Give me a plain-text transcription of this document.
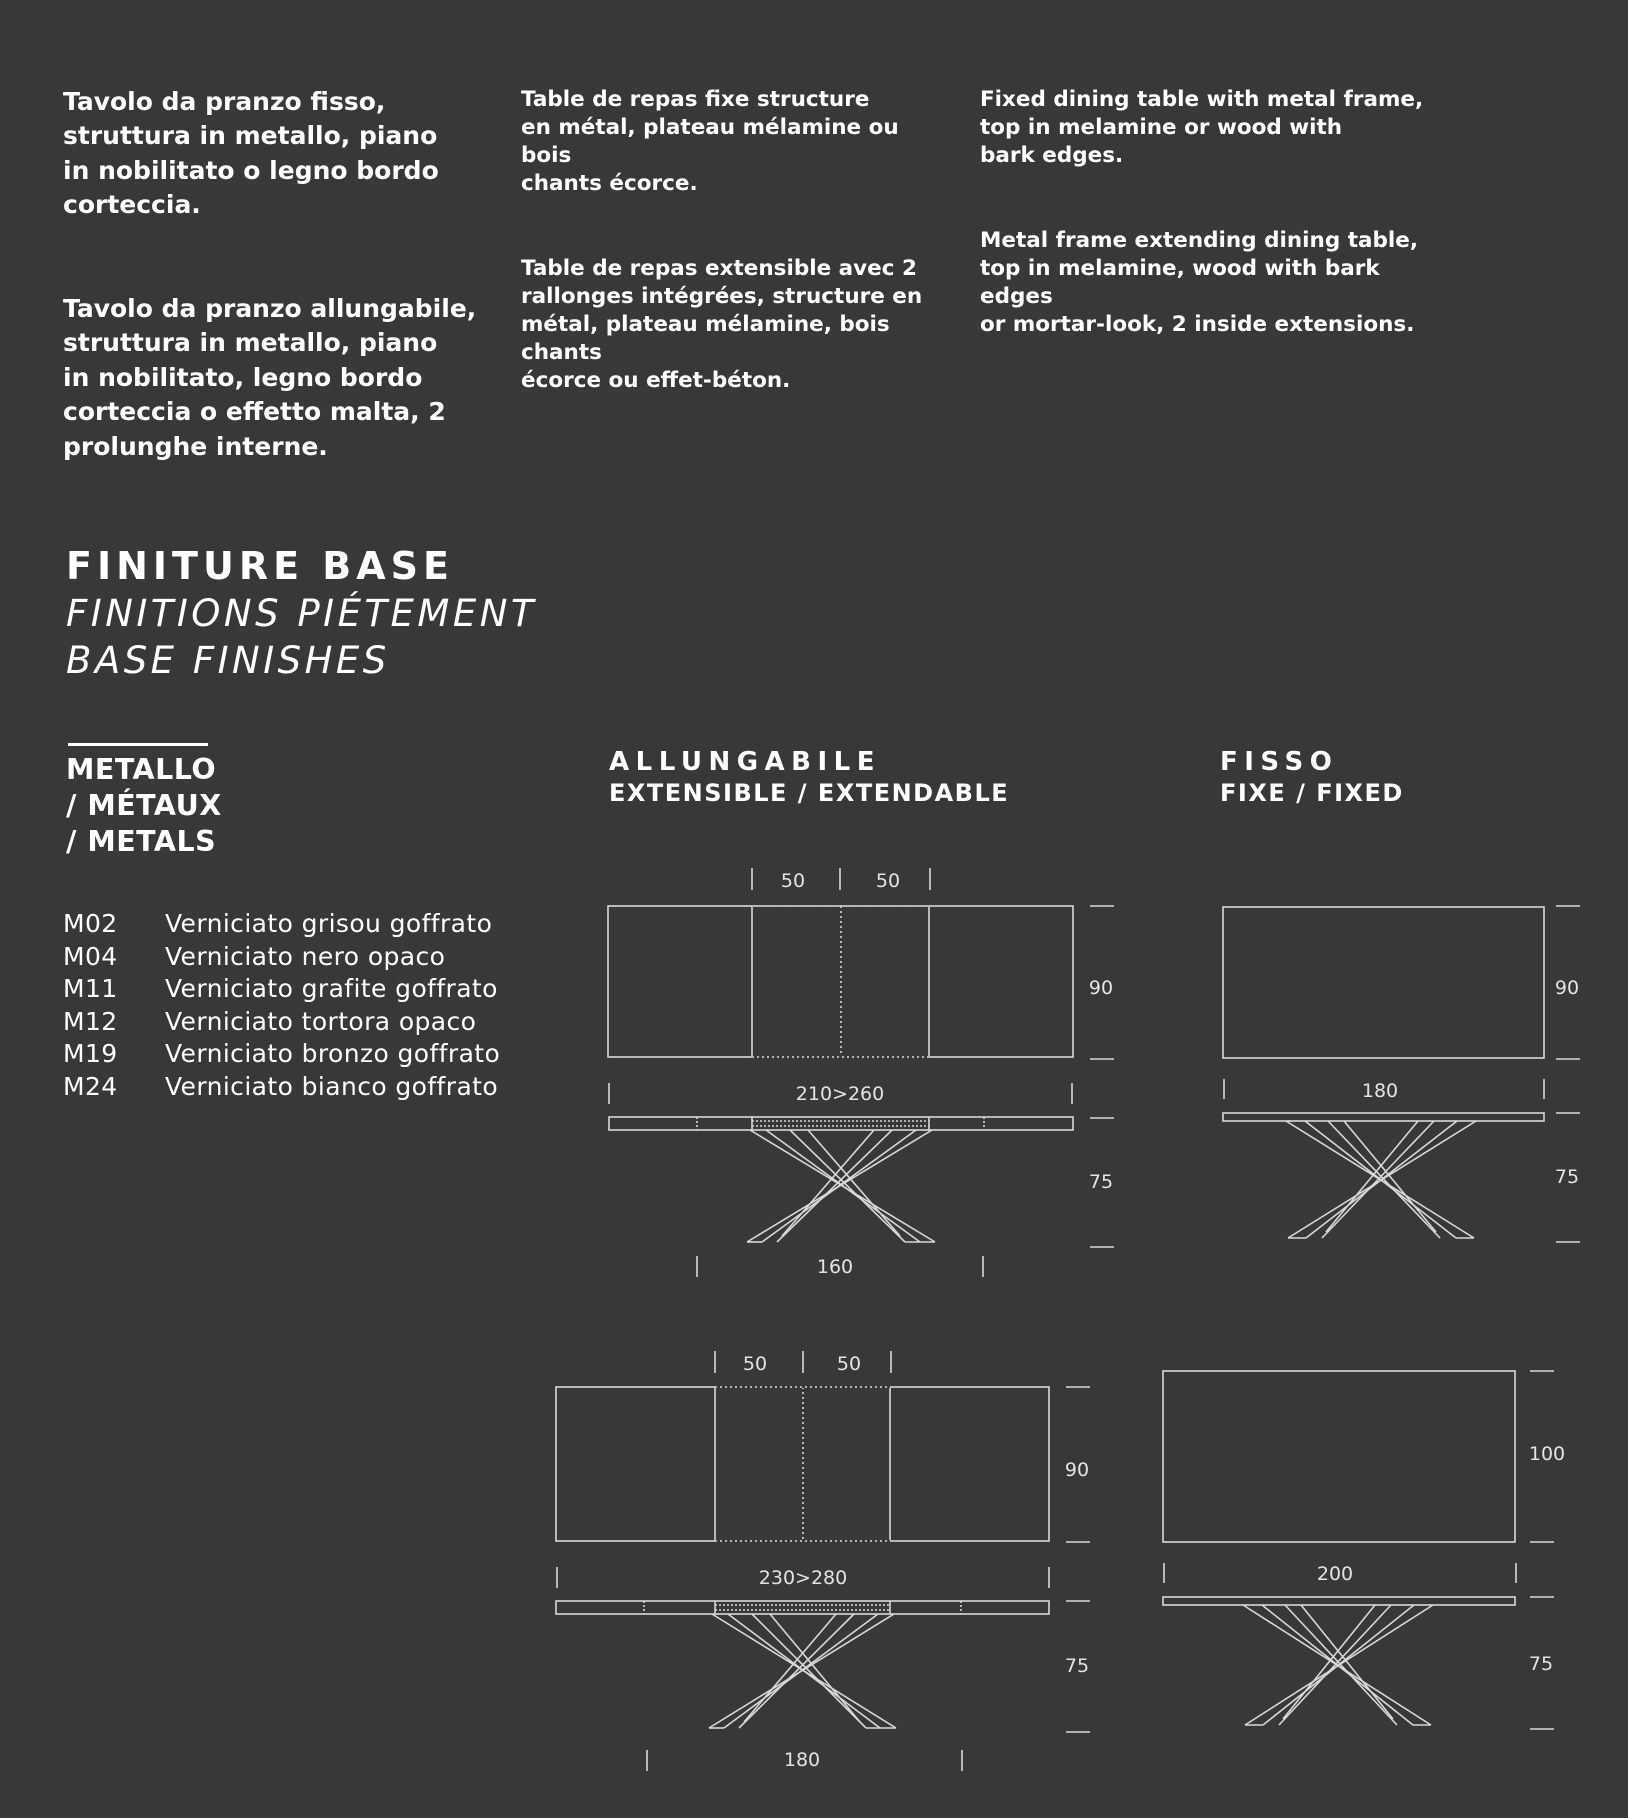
Tavolo da pranzo fisso,
struttura in metallo, piano
in nobilitato o legno bordo
corteccia.

Tavolo da pranzo allungabile,
struttura in metallo, piano
in nobilitato, legno bordo
corteccia o effetto malta, 2
prolunghe interne.

Table de repas fixe structure
en métal, plateau mélamine ou bois
chants écorce.

Table de repas extensible avec 2
rallonges intégrées, structure en
métal, plateau mélamine, bois chants
écorce ou effet-béton.

Fixed dining table with metal frame,
top in melamine or wood with
bark edges.

Metal frame extending dining table,
top in melamine, wood with bark edges
or mortar-look, 2 inside extensions.

FINITURE BASE
FINITIONS PIÉTEMENT
BASE FINISHES
METALLO
/ MÉTAUX
/ METALS
M02	Verniciato grisou goffrato
M04	Verniciato nero opaco
M11	Verniciato grafite goffrato
M12	Verniciato tortora opaco
M19	Verniciato bronzo goffrato
M24	Verniciato bianco goffrato
ALLUNGABILE
EXTENSIBLE / EXTENDABLE
FISSO
FIXE / FIXED
50	50
90
210>260
75
160
90
180
75
50	50
90
230>280
75
180
100
200
75
